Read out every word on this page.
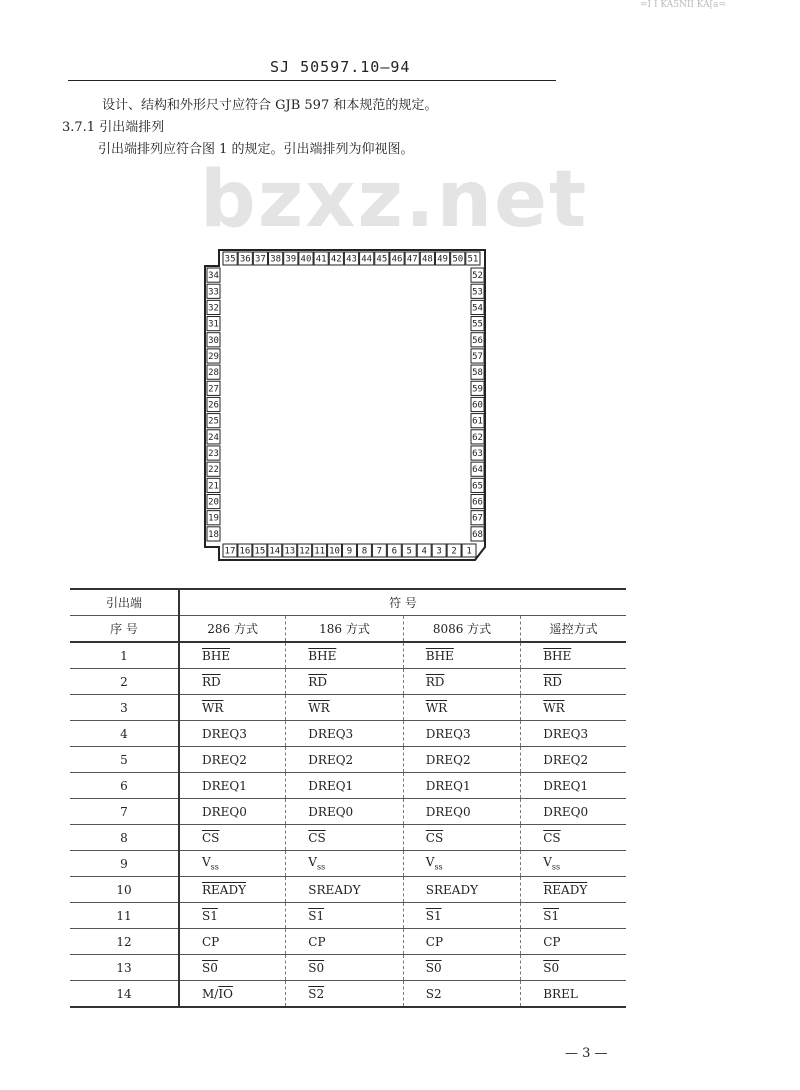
=I I KA5NII KA[a=
SJ 50597.10—94
bzxz.net
设计、结构和外形尺寸应符合 GJB 597 和本规范的规定。
3.7.1 引出端排列
引出端排列应符合图 1 的规定。引出端排列为仰视图。
35 36 37 38 39 40 41 42 43 44 45 46 47 48 49 50 51
17 16 15 14 13 12 11 10 9 8 7 6 5 4 3 2 1
34
33
32
31
30
29
28
27
26
25
24
23
22
21
20
19
18
52
53
54
55
56
57
58
59
60
61
62
63
64
65
66
67
68
引出端	符 号			
序 号	286 方式	186 方式	8086 方式	遥控方式
1	$\overline{BHE}$	$\overline{BHE}$	$\overline{BHE}$	$\overline{BHE}$
2	$\overline{RD}$	$\overline{RD}$	$\overline{RD}$	$\overline{RD}$
3	$\overline{WR}$	$\overline{WR}$	$\overline{WR}$	$\overline{WR}$
4	DREQ3	DREQ3	DREQ3	DREQ3
5	DREQ2	DREQ2	DREQ2	DREQ2
6	DREQ1	DREQ1	DREQ1	DREQ1
7	DREQ0	DREQ0	DREQ0	DREQ0
8	$\overline{CS}$	$\overline{CS}$	$\overline{CS}$	$\overline{CS}$
9	$V_{ss}$	$V_{ss}$	$V_{ss}$	$V_{ss}$
10	READY	SREADY	SREADY	READY
11	S1	S1	S1	S1
12	CP	CP	CP	CP
13	S0	S0	S0	S0
14	$M/\overline{IO}$	S2	S2	BREL
— 3 —
